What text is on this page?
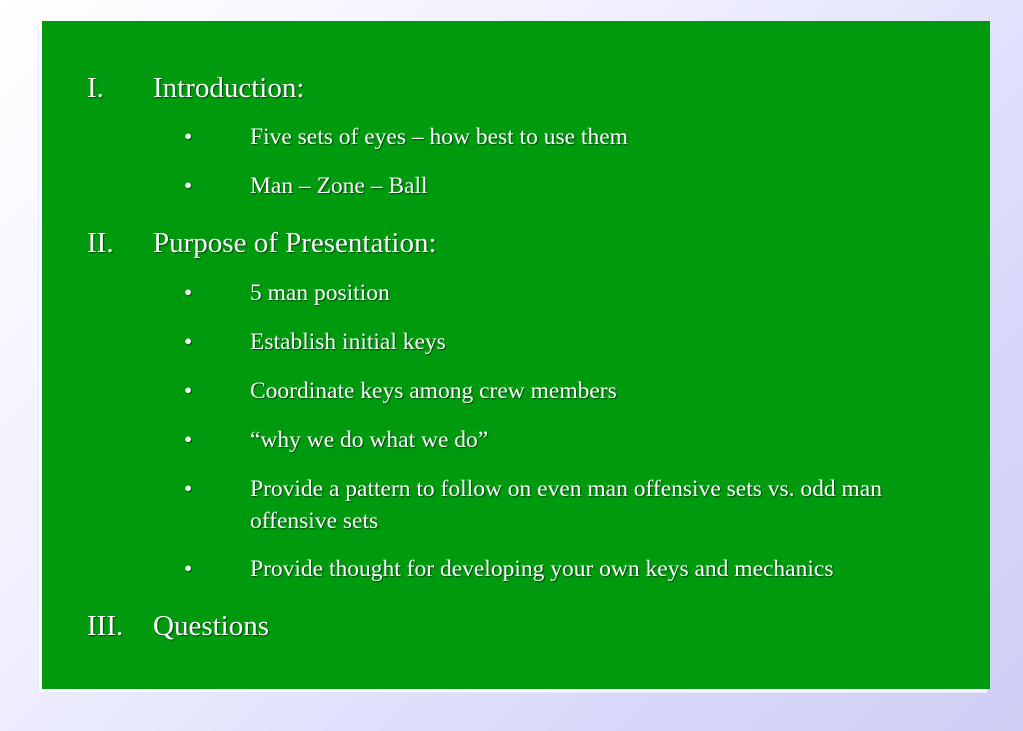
I. Introduction:
• Five sets of eyes – how best to use them
• Man – Zone – Ball
II. Purpose of Presentation:
• 5 man position
• Establish initial keys
• Coordinate keys among crew members
• “why we do what we do”
• Provide a pattern to follow on even man offensive sets vs. odd man offensive sets
• Provide thought for developing your own keys and mechanics
III. Questions
